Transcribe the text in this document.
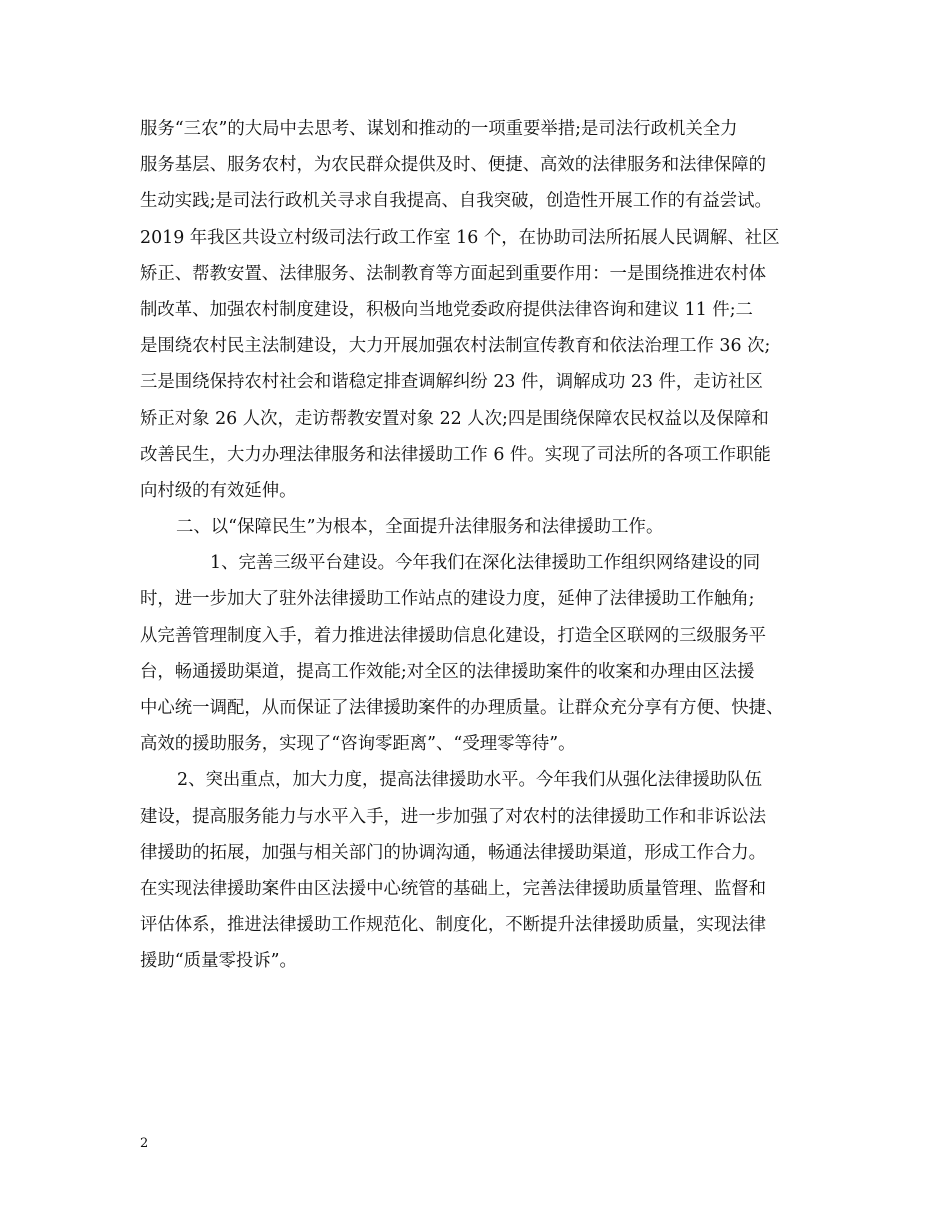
服务“三农”的大局中去思考、谋划和推动的一项重要举措;是司法行政机关全力
服务基层、服务农村，为农民群众提供及时、便捷、高效的法律服务和法律保障的
生动实践;是司法行政机关寻求自我提高、自我突破，创造性开展工作的有益尝试。
2019 年我区共设立村级司法行政工作室 16 个，在协助司法所拓展人民调解、社区
矫正、帮教安置、法律服务、法制教育等方面起到重要作用：一是围绕推进农村体
制改革、加强农村制度建设，积极向当地党委政府提供法律咨询和建议 11 件;二
是围绕农村民主法制建设，大力开展加强农村法制宣传教育和依法治理工作 36 次;
三是围绕保持农村社会和谐稳定排查调解纠纷 23 件，调解成功 23 件，走访社区
矫正对象 26 人次，走访帮教安置对象 22 人次;四是围绕保障农民权益以及保障和
改善民生，大力办理法律服务和法律援助工作 6 件。实现了司法所的各项工作职能
向村级的有效延伸。
二、以“保障民生”为根本，全面提升法律服务和法律援助工作。
1、完善三级平台建设。今年我们在深化法律援助工作组织网络建设的同
时，进一步加大了驻外法律援助工作站点的建设力度，延伸了法律援助工作触角;
从完善管理制度入手，着力推进法律援助信息化建设，打造全区联网的三级服务平
台，畅通援助渠道，提高工作效能;对全区的法律援助案件的收案和办理由区法援
中心统一调配，从而保证了法律援助案件的办理质量。让群众充分享有方便、快捷、
高效的援助服务，实现了“咨询零距离”、“受理零等待”。
2、突出重点，加大力度，提高法律援助水平。今年我们从强化法律援助队伍
建设，提高服务能力与水平入手，进一步加强了对农村的法律援助工作和非诉讼法
律援助的拓展，加强与相关部门的协调沟通，畅通法律援助渠道，形成工作合力。
在实现法律援助案件由区法援中心统管的基础上，完善法律援助质量管理、监督和
评估体系，推进法律援助工作规范化、制度化，不断提升法律援助质量，实现法律
援助“质量零投诉”。
2
